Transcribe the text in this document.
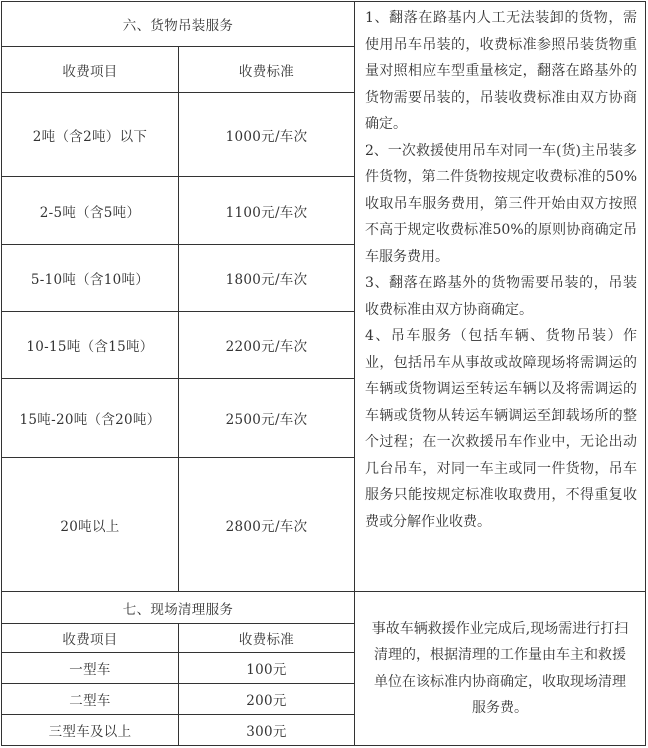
六、货物吊装服务
收费项目	收费标准
2吨（含2吨）以下	1000元/车次
2-5吨（含5吨）	1100元/车次
5-10吨（含10吨）	1800元/车次
10-15吨（含15吨）	2200元/车次
15吨-20吨（含20吨）	2500元/车次
20吨以上	2800元/车次

1、翻落在路基内人工无法装卸的货物，需使用吊车吊装的，收费标准参照吊装货物重量对照相应车型重量核定，翻落在路基外的货物需要吊装的，吊装收费标准由双方协商确定。

2、一次救援使用吊车对同一车(货)主吊装多件货物，第二件货物按规定收费标准的50%收取吊车服务费用，第三件开始由双方按照不高于规定收费标准50%的原则协商确定吊车服务费用。

3、翻落在路基外的货物需要吊装的，吊装收费标准由双方协商确定。

4、吊车服务（包括车辆、货物吊装）作业，包括吊车从事故或故障现场将需调运的车辆或货物调运至转运车辆以及将需调运的车辆或货物从转运车辆调运至卸载场所的整个过程；在一次救援吊车作业中，无论出动几台吊车，对同一车主或同一件货物，吊车服务只能按规定标准收取费用，不得重复收费或分解作业收费。

七、现场清理服务
收费项目	收费标准
一型车	100元
二型车	200元
三型车及以上	300元
事故车辆救援作业完成后,现场需进行打扫清理的，根据清理的工作量由车主和救援单位在该标准内协商确定，收取现场清理服务费。
